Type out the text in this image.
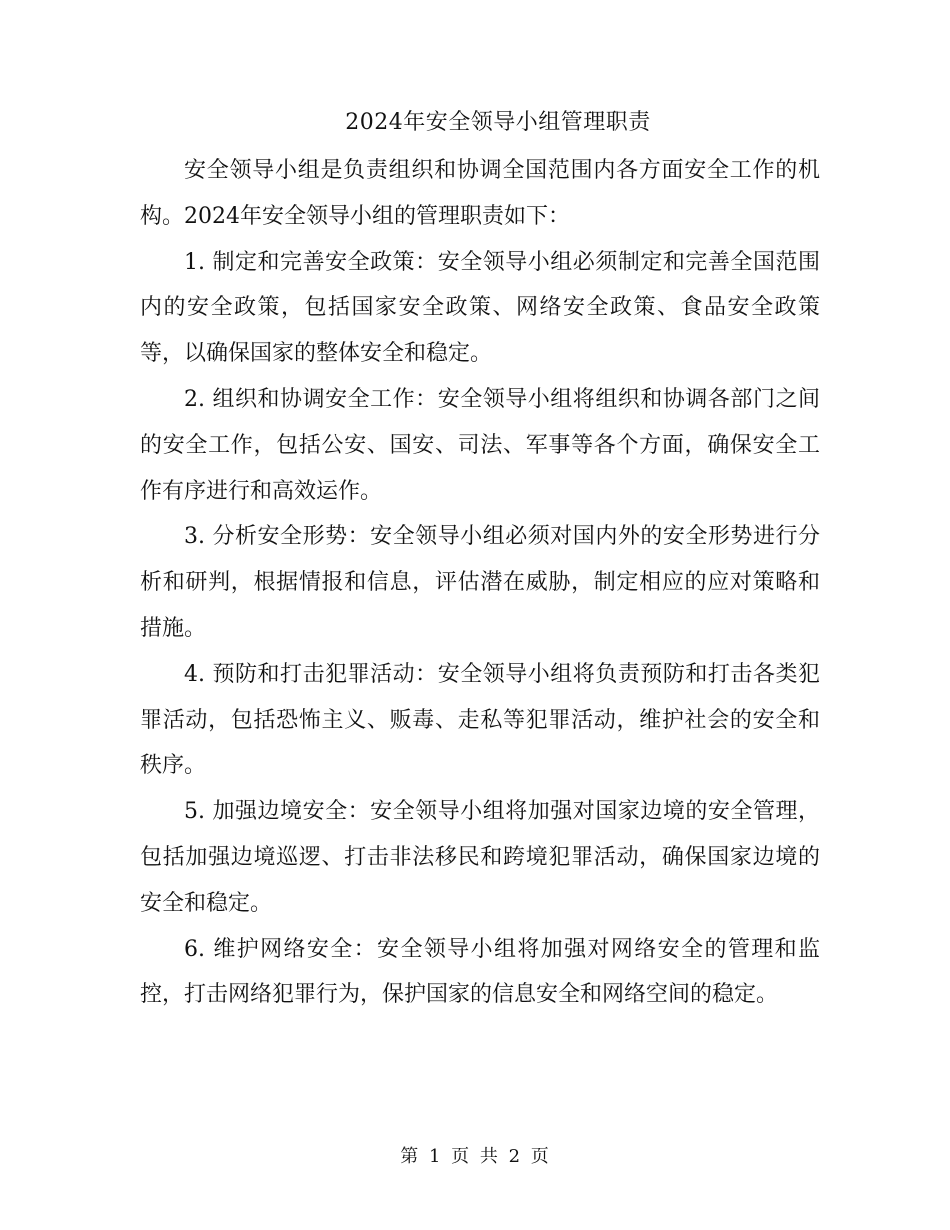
2024年安全领导小组管理职责

安全领导小组是负责组织和协调全国范围内各方面安全工作的机构。2024年安全领导小组的管理职责如下：

1. 制定和完善安全政策：安全领导小组必须制定和完善全国范围内的安全政策，包括国家安全政策、网络安全政策、食品安全政策等，以确保国家的整体安全和稳定。

2. 组织和协调安全工作：安全领导小组将组织和协调各部门之间的安全工作，包括公安、国安、司法、军事等各个方面，确保安全工作有序进行和高效运作。

3. 分析安全形势：安全领导小组必须对国内外的安全形势进行分析和研判，根据情报和信息，评估潜在威胁，制定相应的应对策略和措施。

4. 预防和打击犯罪活动：安全领导小组将负责预防和打击各类犯罪活动，包括恐怖主义、贩毒、走私等犯罪活动，维护社会的安全和秩序。

5. 加强边境安全：安全领导小组将加强对国家边境的安全管理，包括加强边境巡逻、打击非法移民和跨境犯罪活动，确保国家边境的安全和稳定。

6. 维护网络安全：安全领导小组将加强对网络安全的管理和监控，打击网络犯罪行为，保护国家的信息安全和网络空间的稳定。

第 1 页 共 2 页
